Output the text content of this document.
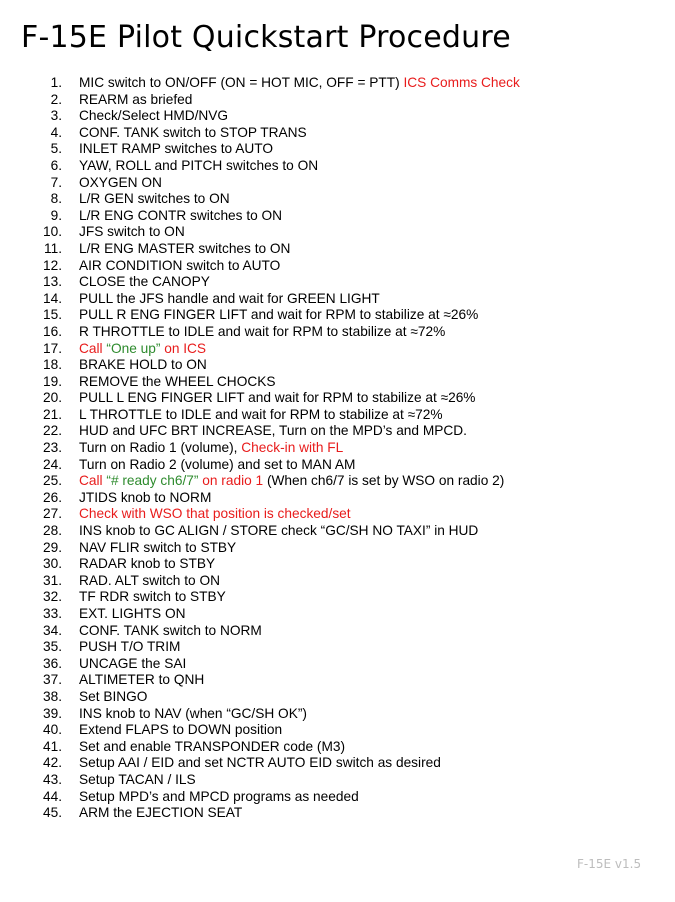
F-15E Pilot Quickstart Procedure
1. MIC switch to ON/OFF (ON = HOT MIC, OFF = PTT) ICS Comms Check
2. REARM as briefed
3. Check/Select HMD/NVG
4. CONF. TANK switch to STOP TRANS
5. INLET RAMP switches to AUTO
6. YAW, ROLL and PITCH switches to ON
7. OXYGEN ON
8. L/R GEN switches to ON
9. L/R ENG CONTR switches to ON
10. JFS switch to ON
11. L/R ENG MASTER switches to ON
12. AIR CONDITION switch to AUTO
13. CLOSE the CANOPY
14. PULL the JFS handle and wait for GREEN LIGHT
15. PULL R ENG FINGER LIFT and wait for RPM to stabilize at ≈26%
16. R THROTTLE to IDLE and wait for RPM to stabilize at ≈72%
17. Call “One up” on ICS
18. BRAKE HOLD to ON
19. REMOVE the WHEEL CHOCKS
20. PULL L ENG FINGER LIFT and wait for RPM to stabilize at ≈26%
21. L THROTTLE to IDLE and wait for RPM to stabilize at ≈72%
22. HUD and UFC BRT INCREASE, Turn on the MPD’s and MPCD.
23. Turn on Radio 1 (volume), Check-in with FL
24. Turn on Radio 2 (volume) and set to MAN AM
25. Call “# ready ch6/7” on radio 1 (When ch6/7 is set by WSO on radio 2)
26. JTIDS knob to NORM
27. Check with WSO that position is checked/set
28. INS knob to GC ALIGN / STORE check “GC/SH NO TAXI” in HUD
29. NAV FLIR switch to STBY
30. RADAR knob to STBY
31. RAD. ALT switch to ON
32. TF RDR switch to STBY
33. EXT. LIGHTS ON
34. CONF. TANK switch to NORM
35. PUSH T/O TRIM
36. UNCAGE the SAI
37. ALTIMETER to QNH
38. Set BINGO
39. INS knob to NAV (when “GC/SH OK”)
40. Extend FLAPS to DOWN position
41. Set and enable TRANSPONDER code (M3)
42. Setup AAI / EID and set NCTR AUTO EID switch as desired
43. Setup TACAN / ILS
44. Setup MPD’s and MPCD programs as needed
45. ARM the EJECTION SEAT
F-15E v1.5
